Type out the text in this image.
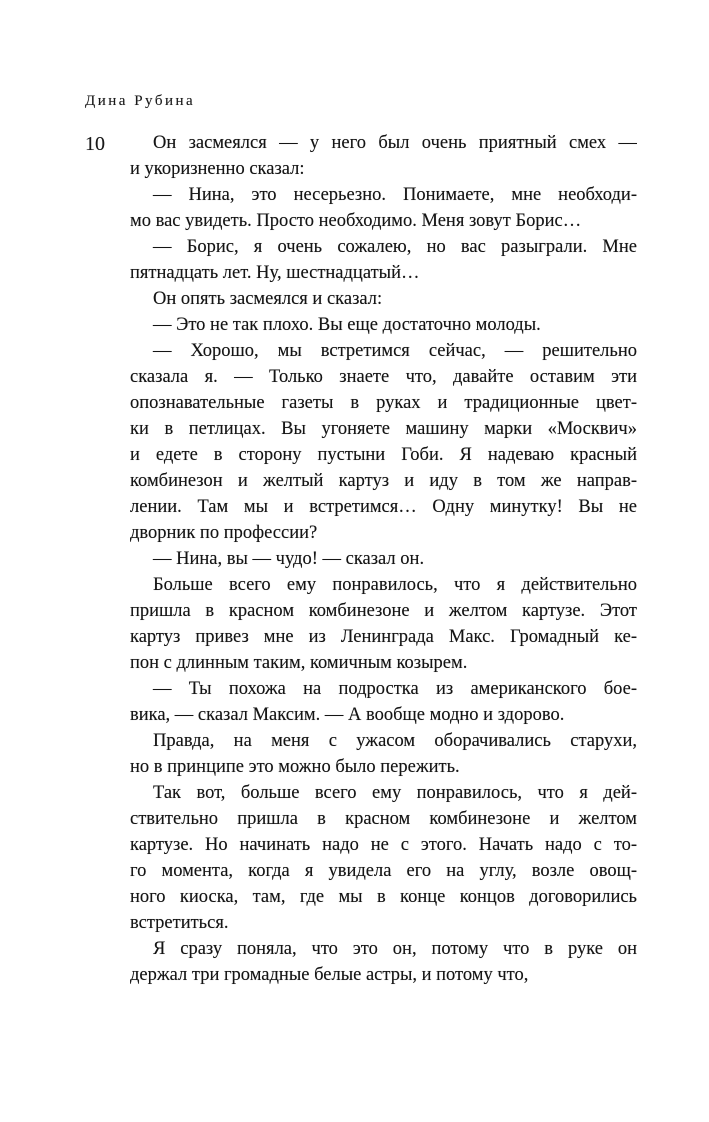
Дина Рубина
10	Он засмеялся — у него был очень приятный смех —
и укоризненно сказал:
— Нина, это несерьезно. Понимаете, мне необходи-
мо вас увидеть. Просто необходимо. Меня зовут Борис…
— Борис, я очень сожалею, но вас разыграли. Мне
пятнадцать лет. Ну, шестнадцатый…
Он опять засмеялся и сказал:
— Это не так плохо. Вы еще достаточно молоды.
— Хорошо, мы встретимся сейчас, — решительно
сказала я. — Только знаете что, давайте оставим эти
опознавательные газеты в руках и традиционные цвет-
ки в петлицах. Вы угоняете машину марки «Москвич»
и едете в сторону пустыни Гоби. Я надеваю красный
комбинезон и желтый картуз и иду в том же направ-
лении. Там мы и встретимся… Одну минутку! Вы не
дворник по профессии?
— Нина, вы — чудо! — сказал он.
Больше всего ему понравилось, что я действительно
пришла в красном комбинезоне и желтом картузе. Этот
картуз привез мне из Ленинграда Макс. Громадный ке-
пон с длинным таким, комичным козырем.
— Ты похожа на подростка из американского бое-
вика, — сказал Максим. — А вообще модно и здорово.
Правда, на меня с ужасом оборачивались старухи,
но в принципе это можно было пережить.
Так вот, больше всего ему понравилось, что я дей-
ствительно пришла в красном комбинезоне и желтом
картузе. Но начинать надо не с этого. Начать надо с то-
го момента, когда я увидела его на углу, возле овощ-
ного киоска, там, где мы в конце концов договорились
встретиться.
Я сразу поняла, что это он, потому что в руке он
держал три громадные белые астры, и потому что,
